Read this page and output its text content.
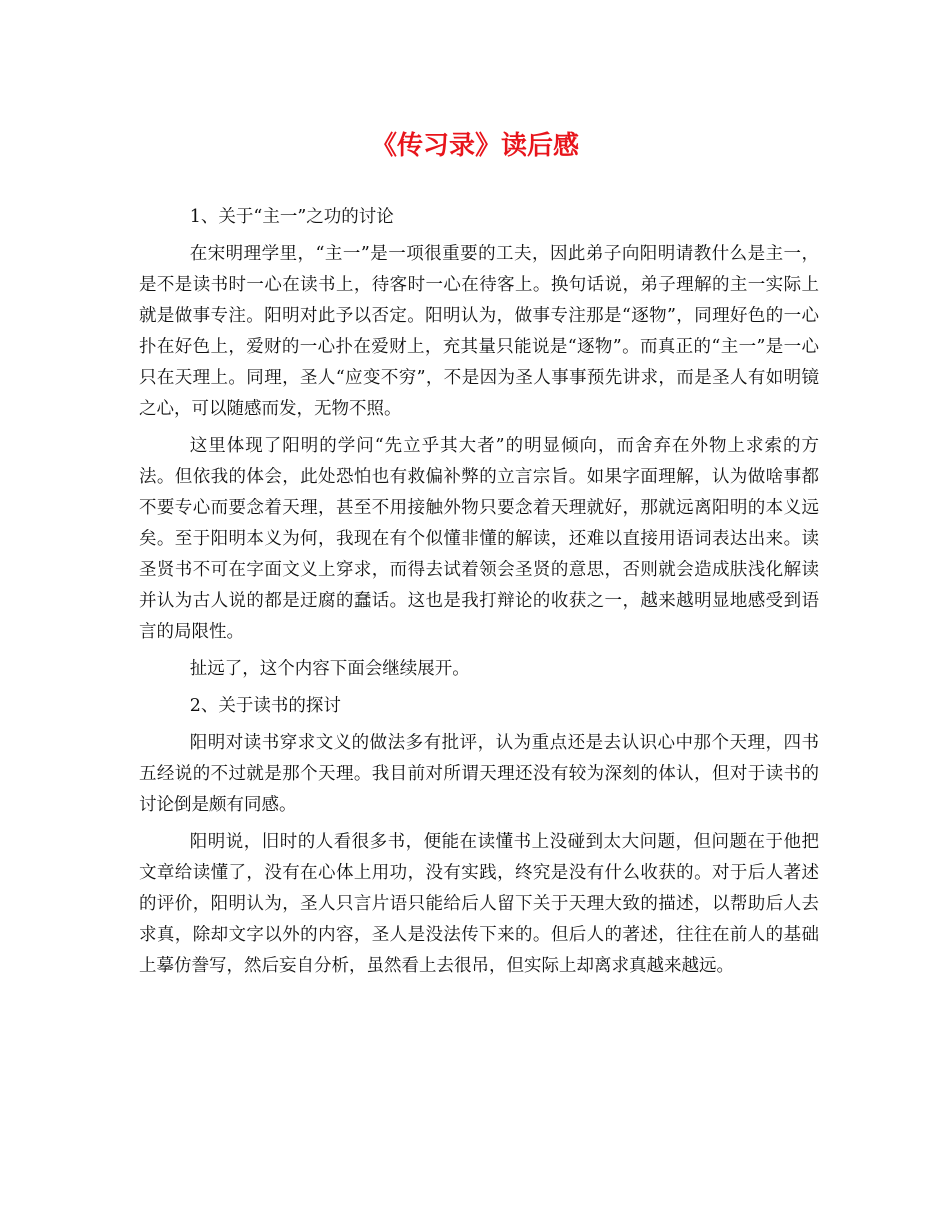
《传习录》读后感

1、关于“主一”之功的讨论

在宋明理学里，“主一”是一项很重要的工夫，因此弟子向阳明请教什么是主一，是不是读书时一心在读书上，待客时一心在待客上。换句话说，弟子理解的主一实际上就是做事专注。阳明对此予以否定。阳明认为，做事专注那是“逐物”，同理好色的一心扑在好色上，爱财的一心扑在爱财上，充其量只能说是“逐物”。而真正的“主一”是一心只在天理上。同理，圣人“应变不穷”，不是因为圣人事事预先讲求，而是圣人有如明镜之心，可以随感而发，无物不照。

这里体现了阳明的学问“先立乎其大者”的明显倾向，而舍弃在外物上求索的方法。但依我的体会，此处恐怕也有救偏补弊的立言宗旨。如果字面理解，认为做啥事都不要专心而要念着天理，甚至不用接触外物只要念着天理就好，那就远离阳明的本义远矣。至于阳明本义为何，我现在有个似懂非懂的解读，还难以直接用语词表达出来。读圣贤书不可在字面文义上穿求，而得去试着领会圣贤的意思，否则就会造成肤浅化解读并认为古人说的都是迂腐的蠢话。这也是我打辩论的收获之一，越来越明显地感受到语言的局限性。

扯远了，这个内容下面会继续展开。

2、关于读书的探讨

阳明对读书穿求文义的做法多有批评，认为重点还是去认识心中那个天理，四书五经说的不过就是那个天理。我目前对所谓天理还没有较为深刻的体认，但对于读书的讨论倒是颇有同感。

阳明说，旧时的人看很多书，便能在读懂书上没碰到太大问题，但问题在于他把文章给读懂了，没有在心体上用功，没有实践，终究是没有什么收获的。对于后人著述的评价，阳明认为，圣人只言片语只能给后人留下关于天理大致的描述，以帮助后人去求真，除却文字以外的内容，圣人是没法传下来的。但后人的著述，往往在前人的基础上摹仿誊写，然后妄自分析，虽然看上去很吊，但实际上却离求真越来越远。
